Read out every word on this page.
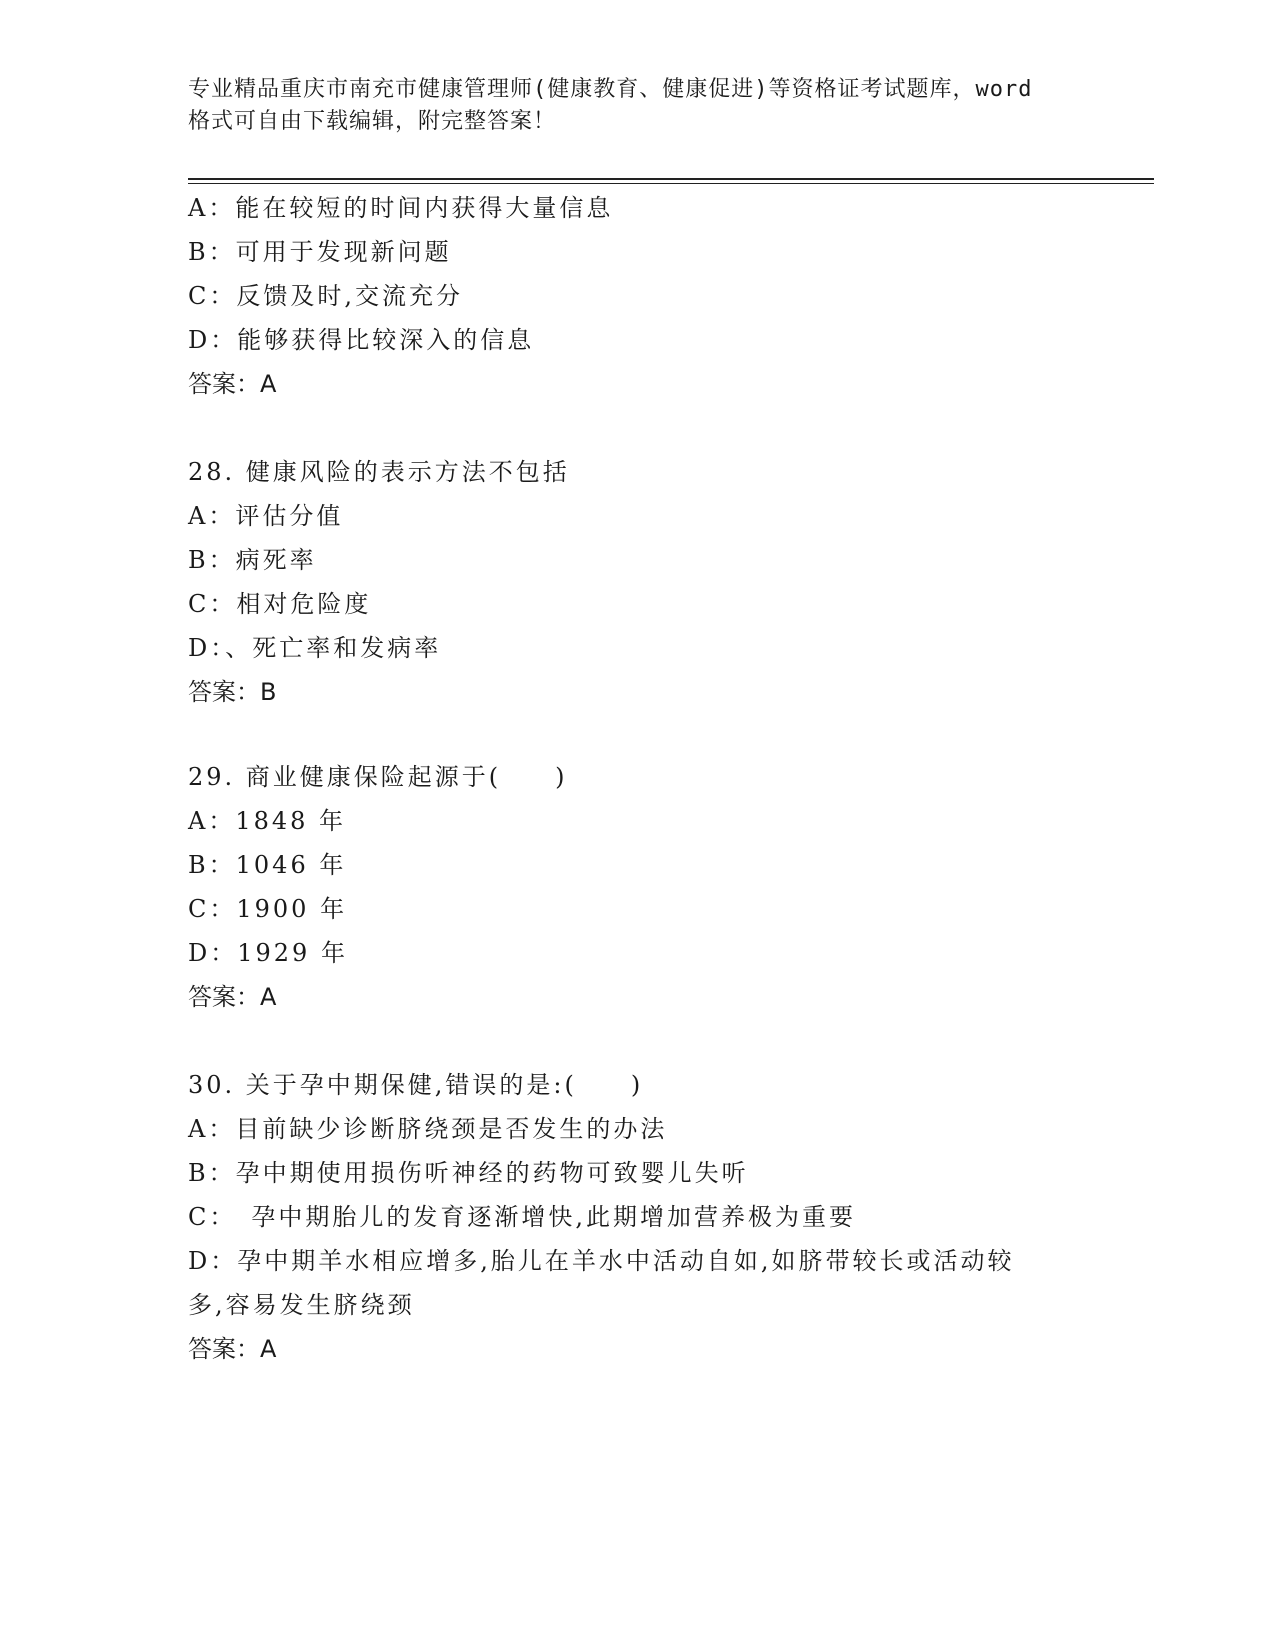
专业精品重庆市南充市健康管理师(健康教育、健康促进)等资格证考试题库，word
格式可自由下载编辑，附完整答案！
A：能在较短的时间内获得大量信息
B：可用于发现新问题
C：反馈及时,交流充分
D：能够获得比较深入的信息
答案：A
28. 健康风险的表示方法不包括
A：评估分值
B：病死率
C：相对危险度
D：、死亡率和发病率
答案：B
29. 商业健康保险起源于(　　)
A：1848 年
B：1046 年
C：1900 年
D：1929 年
答案：A
30. 关于孕中期保健,错误的是:(　　)
A：目前缺少诊断脐绕颈是否发生的办法
B：孕中期使用损伤听神经的药物可致婴儿失听
C：　孕中期胎儿的发育逐渐增快,此期增加营养极为重要
D：孕中期羊水相应增多,胎儿在羊水中活动自如,如脐带较长或活动较
多,容易发生脐绕颈
答案：A
